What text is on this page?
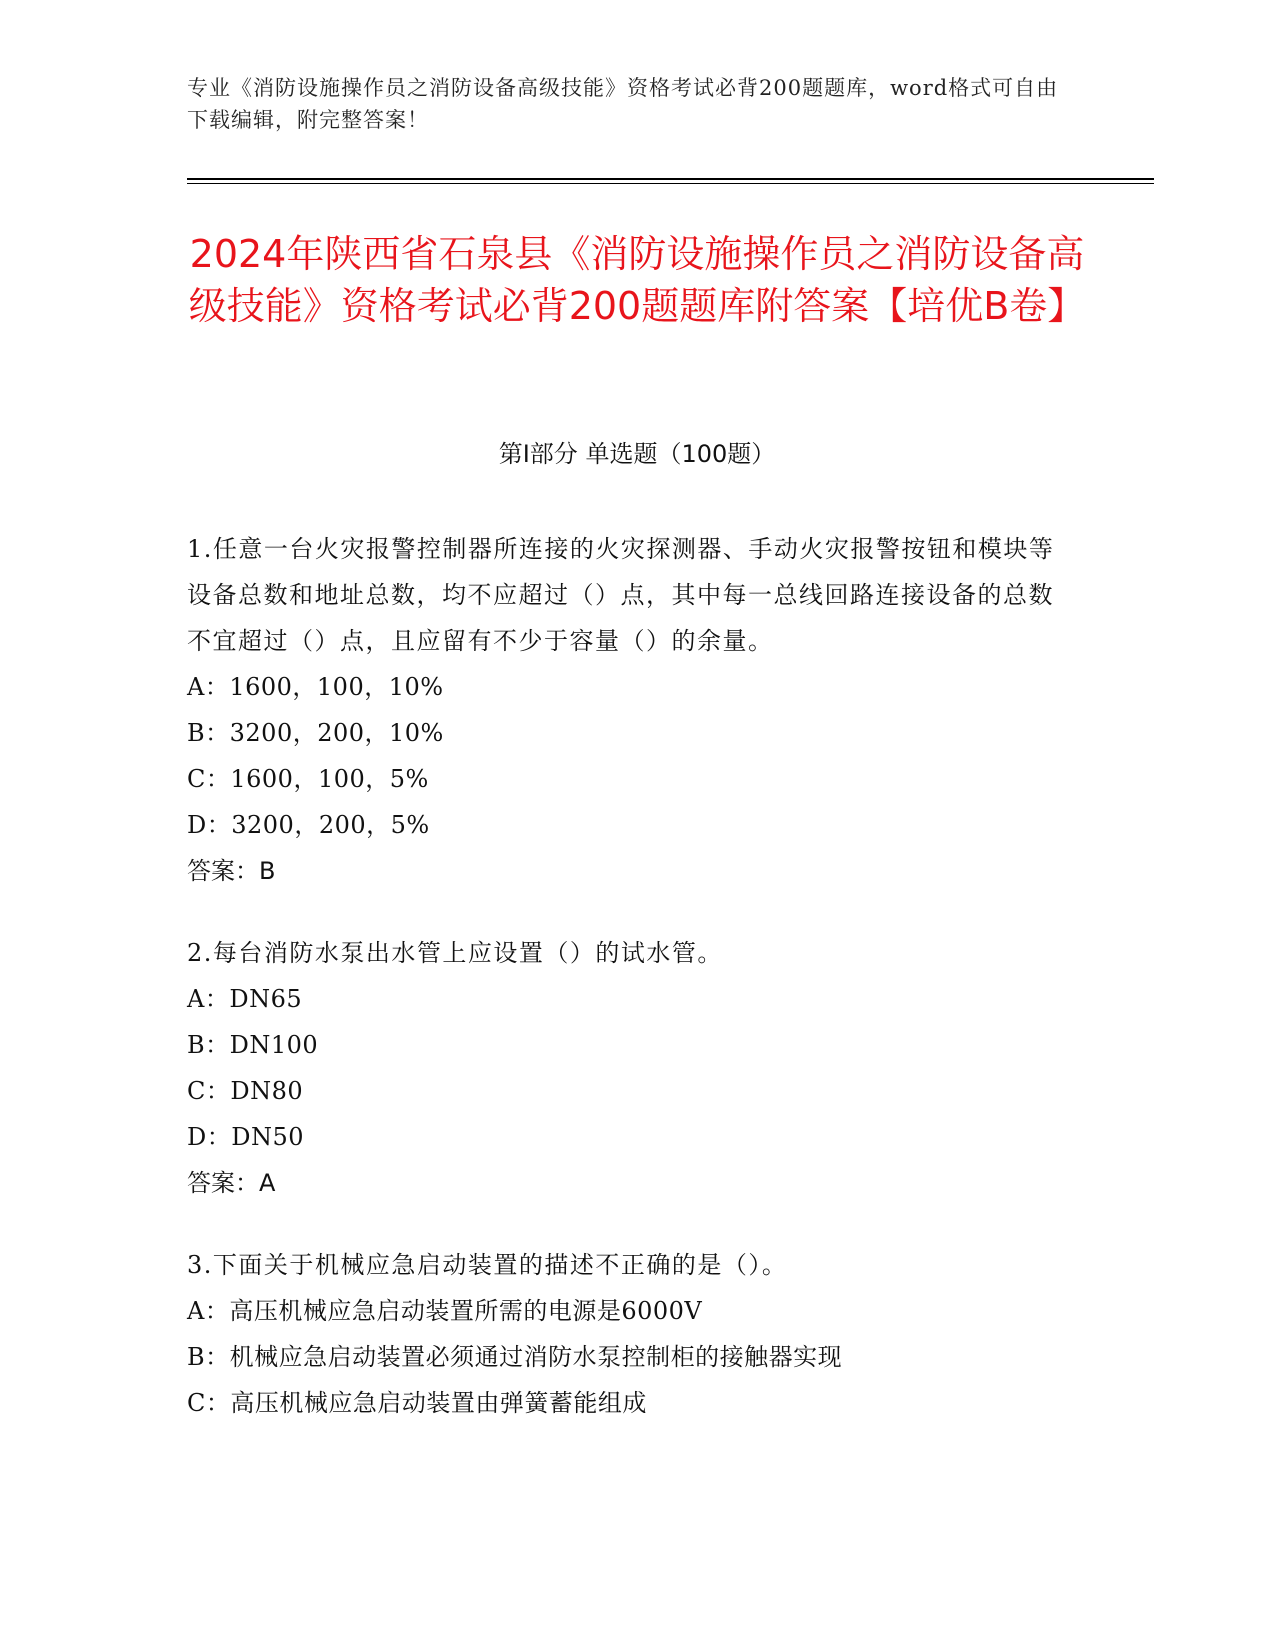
专业《消防设施操作员之消防设备高级技能》资格考试必背200题题库，word格式可自由下载编辑，附完整答案！
2024年陕西省石泉县《消防设施操作员之消防设备高级技能》资格考试必背200题题库附答案【培优B卷】
第Ⅰ部分 单选题（100题）

1.任意一台火灾报警控制器所连接的火灾探测器、手动火灾报警按钮和模块等设备总数和地址总数，均不应超过（）点，其中每一总线回路连接设备的总数不宜超过（）点，且应留有不少于容量（）的余量。

A：1600，100，10%

B：3200，200，10%

C：1600，100，5%

D：3200，200，5%

答案：B

2.每台消防水泵出水管上应设置（）的试水管。

A：DN65

B：DN100

C：DN80

D：DN50

答案：A

3.下面关于机械应急启动装置的描述不正确的是（）。

A：高压机械应急启动装置所需的电源是6000V

B：机械应急启动装置必须通过消防水泵控制柜的接触器实现

C：高压机械应急启动装置由弹簧蓄能组成
